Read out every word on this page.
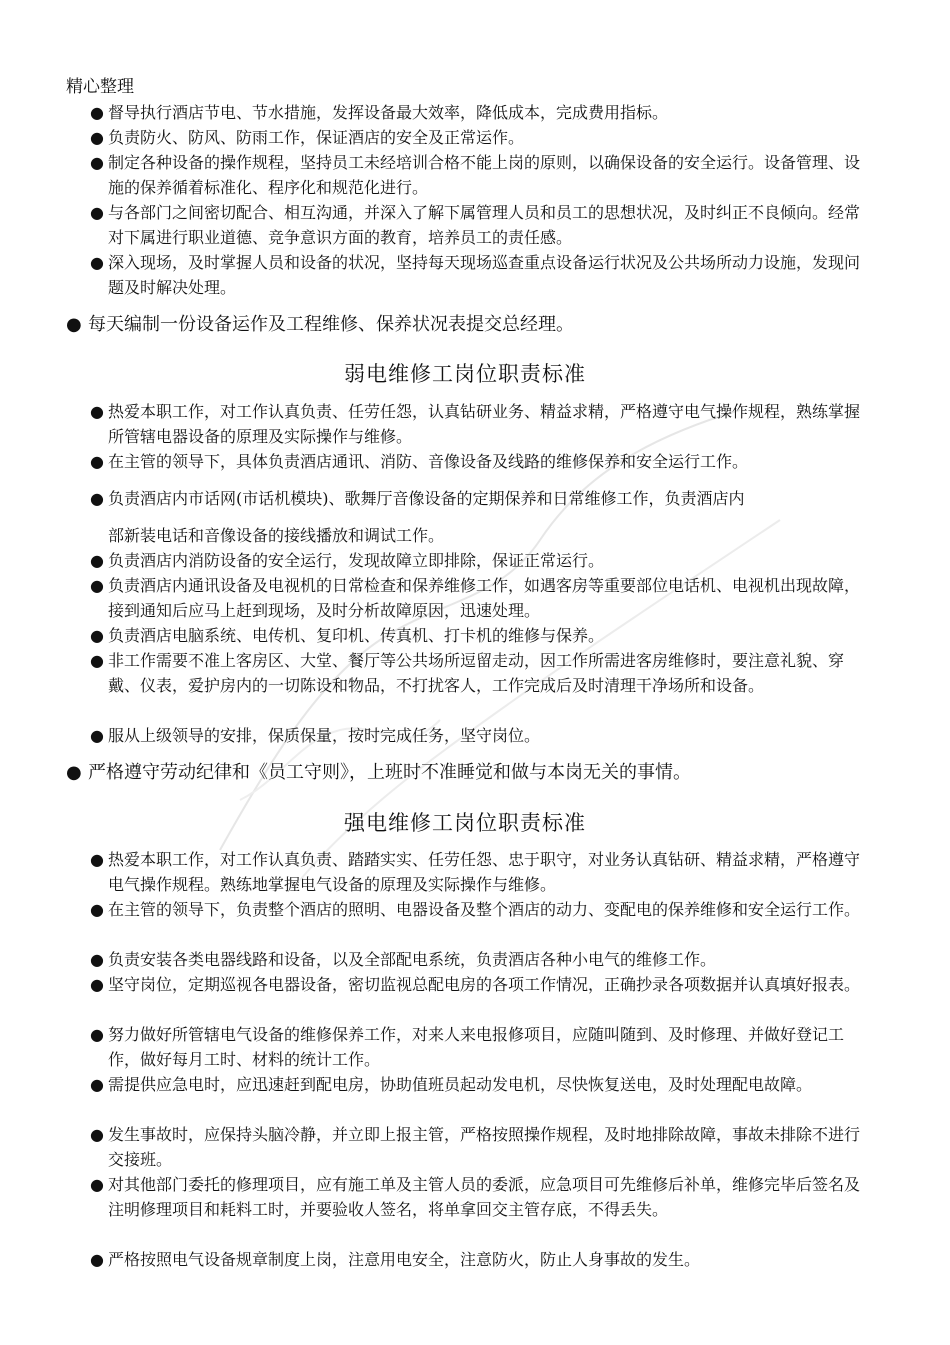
精心整理
● 督导执行酒店节电、节水措施，发挥设备最大效率，降低成本，完成费用指标。
● 负责防火、防风、防雨工作，保证酒店的安全及正常运作。
● 制定各种设备的操作规程，坚持员工未经培训合格不能上岗的原则，以确保设备的安全运行。设备管理、设施的保养循着标准化、程序化和规范化进行。
● 与各部门之间密切配合、相互沟通，并深入了解下属管理人员和员工的思想状况，及时纠正不良倾向。经常对下属进行职业道德、竞争意识方面的教育，培养员工的责任感。
● 深入现场，及时掌握人员和设备的状况，坚持每天现场巡查重点设备运行状况及公共场所动力设施，发现问题及时解决处理。
● 每天编制一份设备运作及工程维修、保养状况表提交总经理。
弱电维修工岗位职责标准
● 热爱本职工作，对工作认真负责、任劳任怨，认真钻研业务、精益求精，严格遵守电气操作规程，熟练掌握所管辖电器设备的原理及实际操作与维修。
● 在主管的领导下，具体负责酒店通讯、消防、音像设备及线路的维修保养和安全运行工作。
● 负责酒店内市话网(市话机模块)、歌舞厅音像设备的定期保养和日常维修工作，负责酒店内
部新装电话和音像设备的接线播放和调试工作。
● 负责酒店内消防设备的安全运行，发现故障立即排除，保证正常运行。
● 负责酒店内通讯设备及电视机的日常检查和保养维修工作，如遇客房等重要部位电话机、电视机出现故障，接到通知后应马上赶到现场，及时分析故障原因，迅速处理。
● 负责酒店电脑系统、电传机、复印机、传真机、打卡机的维修与保养。
● 非工作需要不准上客房区、大堂、餐厅等公共场所逗留走动，因工作所需进客房维修时，要注意礼貌、穿戴、仪表，爱护房内的一切陈设和物品，不打扰客人，工作完成后及时清理干净场所和设备。
● 服从上级领导的安排，保质保量，按时完成任务，坚守岗位。
● 严格遵守劳动纪律和《员工守则》，上班时不准睡觉和做与本岗无关的事情。
强电维修工岗位职责标准
● 热爱本职工作，对工作认真负责、踏踏实实、任劳任怨、忠于职守，对业务认真钻研、精益求精，严格遵守电气操作规程。熟练地掌握电气设备的原理及实际操作与维修。
● 在主管的领导下，负责整个酒店的照明、电器设备及整个酒店的动力、变配电的保养维修和安全运行工作。
● 负责安装各类电器线路和设备，以及全部配电系统，负责酒店各种小电气的维修工作。
● 坚守岗位，定期巡视各电器设备，密切监视总配电房的各项工作情况，正确抄录各项数据并认真填好报表。
● 努力做好所管辖电气设备的维修保养工作，对来人来电报修项目，应随叫随到、及时修理、并做好登记工作，做好每月工时、材料的统计工作。
● 需提供应急电时，应迅速赶到配电房，协助值班员起动发电机，尽快恢复送电，及时处理配电故障。
● 发生事故时，应保持头脑冷静，并立即上报主管，严格按照操作规程，及时地排除故障，事故未排除不进行交接班。
● 对其他部门委托的修理项目，应有施工单及主管人员的委派，应急项目可先维修后补单，维修完毕后签名及注明修理项目和耗料工时，并要验收人签名，将单拿回交主管存底，不得丢失。
● 严格按照电气设备规章制度上岗，注意用电安全，注意防火，防止人身事故的发生。
